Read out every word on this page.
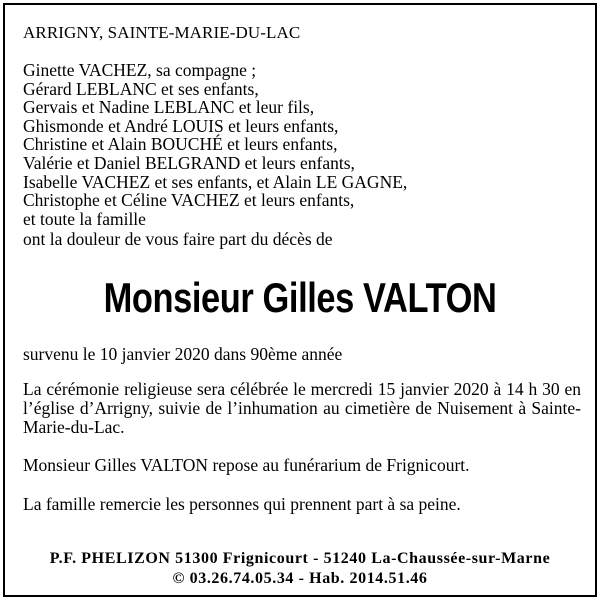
ARRIGNY, SAINTE-MARIE-DU-LAC
Ginette VACHEZ, sa compagne ;
Gérard LEBLANC et ses enfants,
Gervais et Nadine LEBLANC et leur fils,
Ghismonde et André LOUIS et leurs enfants,
Christine et Alain BOUCHÉ et leurs enfants,
Valérie et Daniel BELGRAND et leurs enfants,
Isabelle VACHEZ et ses enfants, et Alain LE GAGNE,
Christophe et Céline VACHEZ et leurs enfants,
et toute la famille
ont la douleur de vous faire part du décès de
Monsieur Gilles VALTON
survenu le 10 janvier 2020 dans 90ème année
La cérémonie religieuse sera célébrée le mercredi 15 janvier 2020 à 14 h 30 en l’église d’Arrigny, suivie de l’inhumation au cimetière de Nuisement à Sainte-Marie-du-Lac.
Monsieur Gilles VALTON repose au funérarium de Frignicourt.
La famille remercie les personnes qui prennent part à sa peine.
P.F. PHELIZON 51300 Frignicourt - 51240 La-Chaussée-sur-Marne
© 03.26.74.05.34 - Hab. 2014.51.46
